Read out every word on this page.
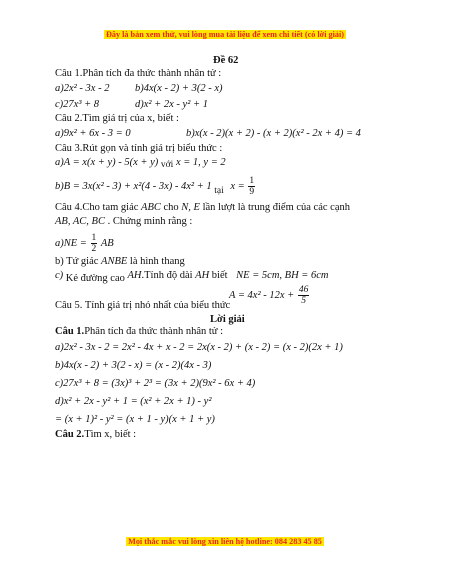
Đây là bản xem thử, vui lòng mua tài liệu để xem chi tiết (có lời giải)
Đề 62
Câu 1.Phân tích đa thức thành nhân tử :
a)2x² - 3x - 2 b)4x(x - 2) + 3(2 - x)
c)27x³ + 8	d)x² + 2x - y² + 1
Câu 2.Tìm giá trị của x, biết :
a)9x² + 6x - 3 = 0	b)x(x - 2)(x + 2) - (x + 2)(x² - 2x + 4) = 4
Câu 3.Rút gọn và tính giá trị biểu thức :
a)A = x(x + y) - 5(x + y) với x = 1, y = 2
b)B = 3x(x² - 3) + x²(4 - 3x) - 4x² + 1 tại $x = \frac{1}{9}$
Câu 4.Cho tam giác ABC cho N, E lần lượt là trung điểm của các cạnh
AB, AC, BC . Chứng minh rằng :
$a)NE = \frac{1}{2}$ AB
b) Tứ giác ANBE là hình thang
c) Kẻ đường cao AH.Tính độ dài AH biết NE = 5cm, BH = 6cm
$A = 4x^2 - 12x + \frac{46}{5}$
Câu 5. Tính giá trị nhỏ nhất của biểu thức
Lời giải
Câu 1.Phân tích đa thức thành nhân tử :
a)2x² - 3x - 2 = 2x² - 4x + x - 2 = 2x(x - 2) + (x - 2) = (x - 2)(2x + 1)
b)4x(x - 2) + 3(2 - x) = (x - 2)(4x - 3)
c)27x³ + 8 = (3x)³ + 2³ = (3x + 2)(9x² - 6x + 4)
d)x² + 2x - y² + 1 = (x² + 2x + 1) - y²
= (x + 1)² - y² = (x + 1 - y)(x + 1 + y)
Câu 2.Tìm x, biết :
Mọi thắc mắc vui lòng xin liên hệ hotline: 084 283 45 85
